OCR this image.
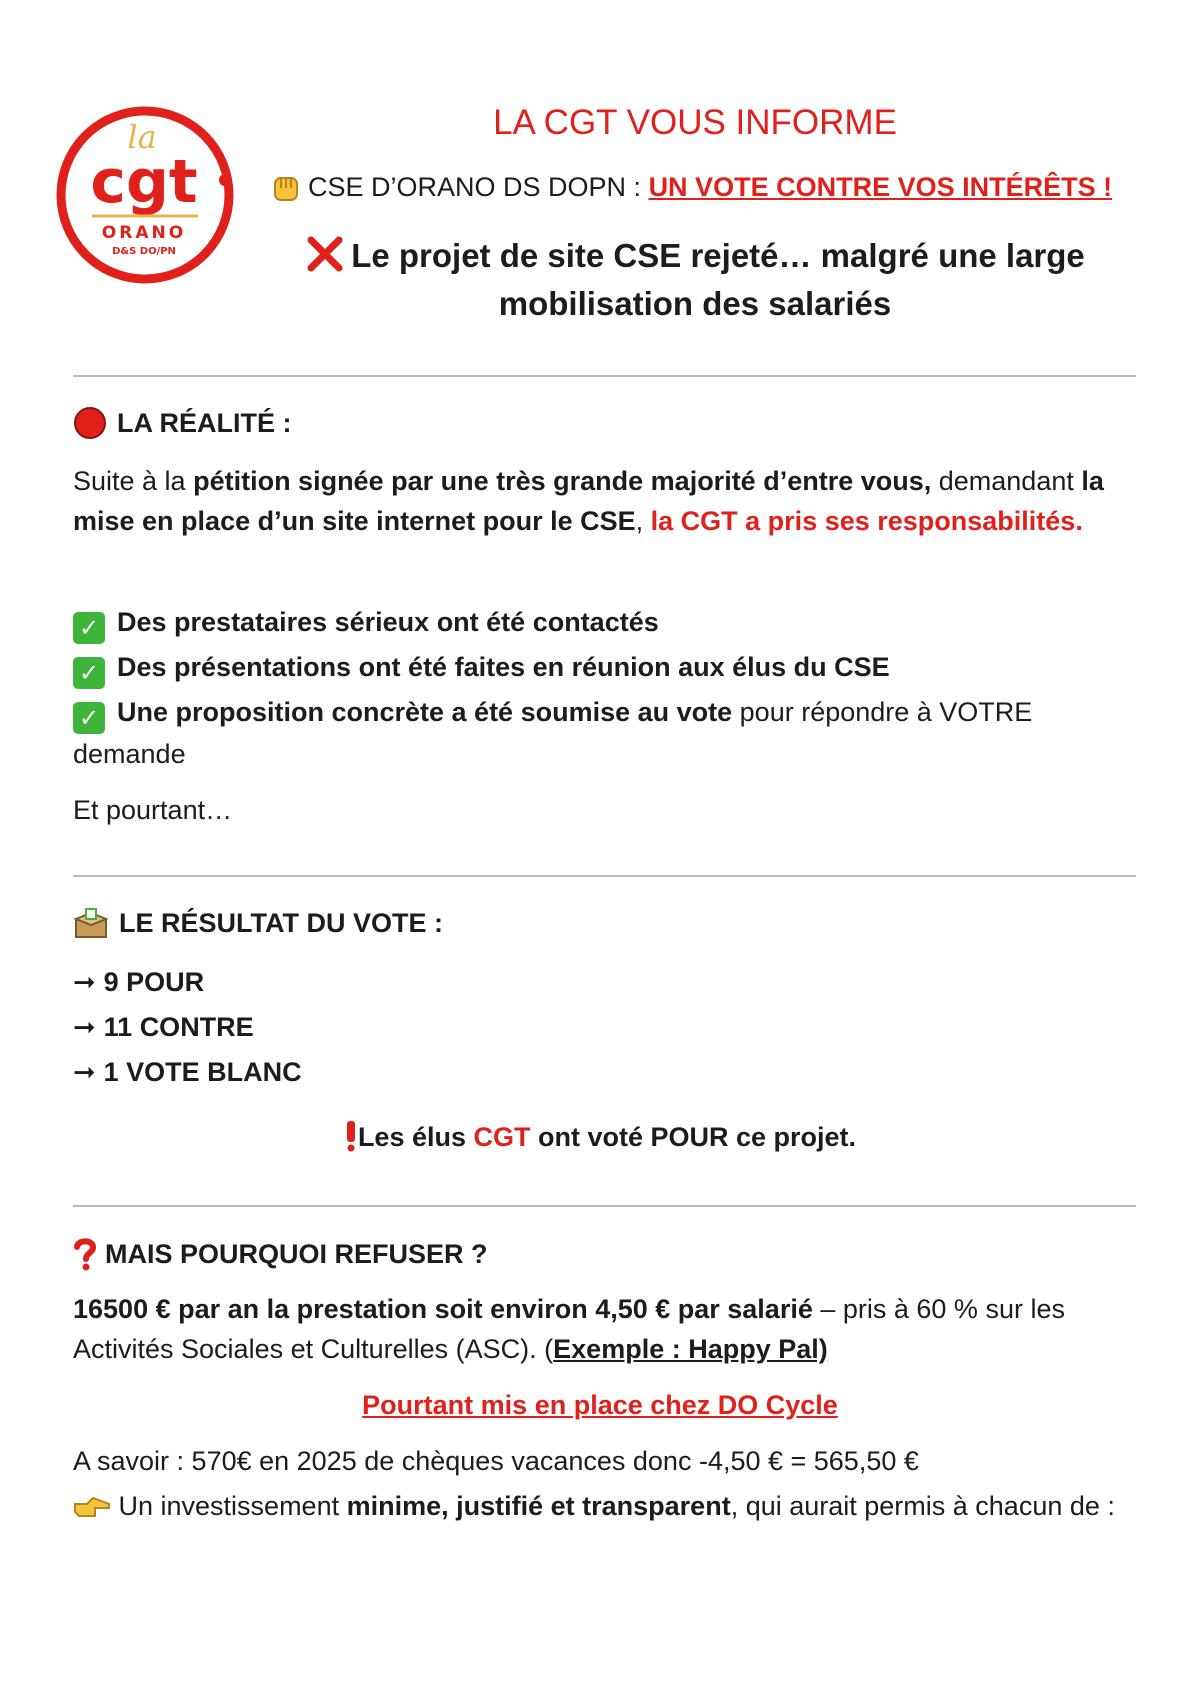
la
cgt
ORANO
D&S DO/PN
LA CGT VOUS INFORME
CSE D’ORANO DS DOPN :
UN VOTE CONTRE VOS INTÉRÊTS !
Le projet de site CSE rejeté… malgré une large mobilisation des salariés
LA RÉALITÉ :
Suite à la pétition signée par une très grande majorité d’entre vous, demandant la mise en place d’un site internet pour le CSE, la CGT a pris ses responsabilités.
✓ Des prestataires sérieux ont été contactés
✓ Des présentations ont été faites en réunion aux élus du CSE
✓ Une proposition concrète a été soumise au vote pour répondre à VOTRE demande
Et pourtant…
LE RÉSULTAT DU VOTE :
➞ 9 POUR
➞ 11 CONTRE
➞ 1 VOTE BLANC
Les élus CGT ont voté POUR ce projet.
MAIS POURQUOI REFUSER ?
16500 € par an la prestation soit environ 4,50 € par salarié – pris à 60 % sur les Activités Sociales et Culturelles (ASC). (Exemple : Happy Pal)
Pourtant mis en place chez DO Cycle
A savoir : 570€ en 2025 de chèques vacances donc -4,50 € = 565,50 €
Un investissement minime, justifié et transparent, qui aurait permis à chacun de :
